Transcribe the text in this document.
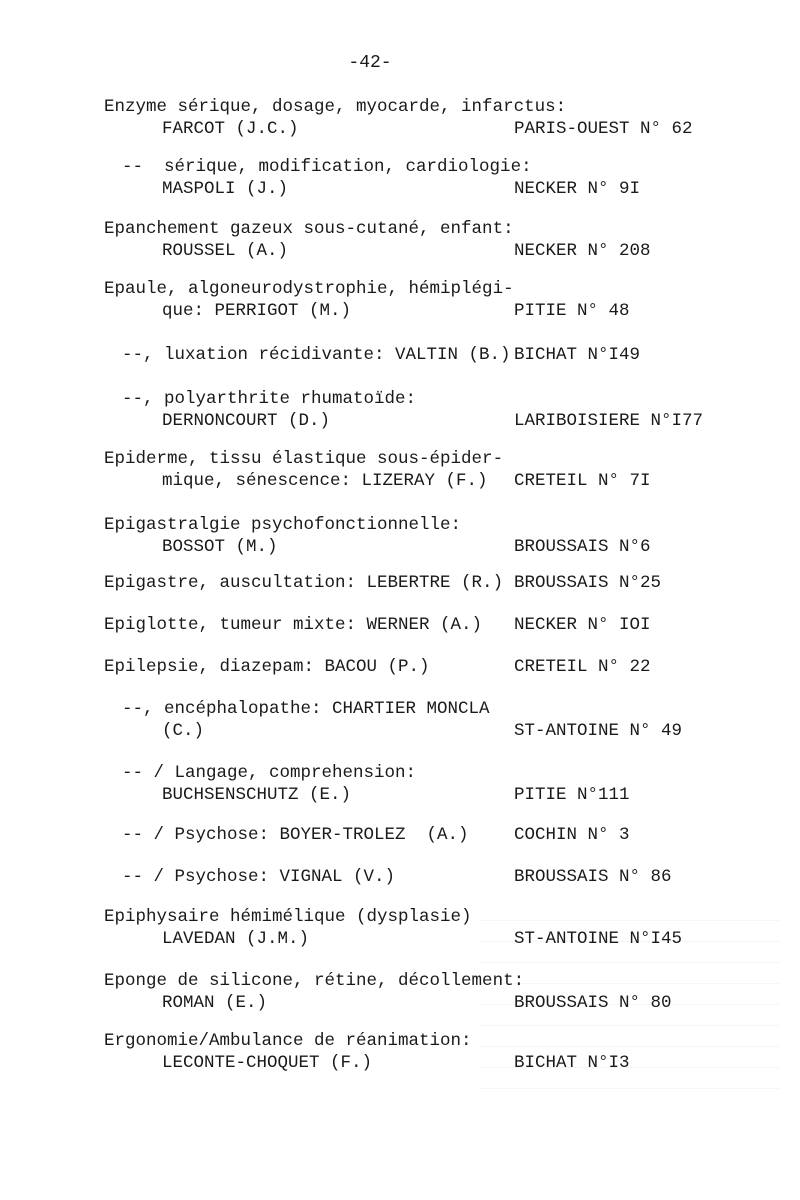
-42-
Enzyme sérique, dosage, myocarde, infarctus:
FARCOT (J.C.)	PARIS-OUEST N° 62
--  sérique, modification, cardiologie:
MASPOLI (J.)	NECKER N° 9I
Epanchement gazeux sous-cutané, enfant:
ROUSSEL (A.)	NECKER N° 208
Epaule, algoneurodystrophie, hémiplégi-
que: PERRIGOT (M.)	PITIE N° 48
--, luxation récidivante: VALTIN (B.) BICHAT N°I49
--, polyarthrite rhumatoïde:
DERNONCOURT (D.)	LARIBOISIERE N°I77
Epiderme, tissu élastique sous-épider-
mique, sénescence: LIZERAY (F.)	CRETEIL N° 7I
Epigastralgie psychofonctionnelle:
BOSSOT (M.)	BROUSSAIS N°6
Epigastre, auscultation: LEBERTRE (R.) BROUSSAIS N°25
Epiglotte, tumeur mixte: WERNER (A.)	NECKER N° IOI
Epilepsie, diazepam: BACOU (P.)	CRETEIL N° 22
--, encéphalopathe: CHARTIER MONCLA
(C.)	ST-ANTOINE N° 49
-- / Langage, comprehension:
BUCHSENSCHUTZ (E.)	PITIE N°111
-- / Psychose: BOYER-TROLEZ  (A.)	COCHIN N° 3
-- / Psychose: VIGNAL (V.)	BROUSSAIS N° 86
Epiphysaire hémimélique (dysplasie)
LAVEDAN (J.M.)	ST-ANTOINE N°I45
Eponge de silicone, rétine, décollement:
ROMAN (E.)	BROUSSAIS N° 80
Ergonomie/Ambulance de réanimation:
LECONTE-CHOQUET (F.)	BICHAT N°I3
